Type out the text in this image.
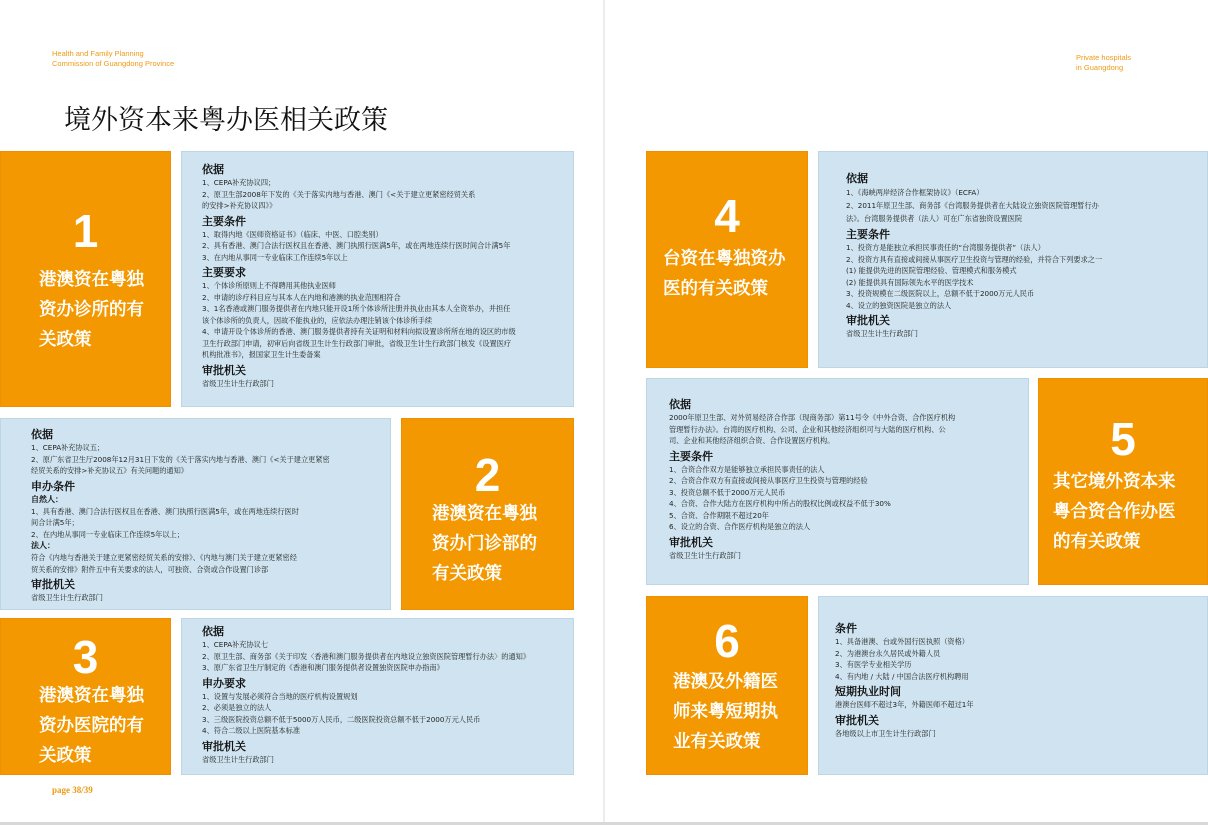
Health and Family Planning
Commission of Guangdong Province
Private hospitals
in Guangdong
境外资本来粤办医相关政策
1
港澳资在粤独
资办诊所的有
关政策
依据
1、CEPA补充协议四；
2、原卫生部2008年下发的《关于落实内地与香港、澳门《<关于建立更紧密经贸关系
的安排>补充协议四》》
主要条件
1、取得内地《医师资格证书》（临床、中医、口腔类别）
2、具有香港、澳门合法行医权且在香港、澳门执照行医满5年，或在两地连续行医时间合计满5年
3、在内地从事同一专业临床工作连续5年以上
主要要求
1、个体诊所原则上不得聘用其他执业医师
2、申请的诊疗科目应与其本人在内地和港澳的执业范围相符合
3、1名香港或澳门服务提供者在内地只能开设1所个体诊所注册并执业由其本人全资举办，并担任
该个体诊所的负责人，因故不能执业的，应依法办理注销该个体诊所手续
4、申请开设个体诊所的香港、澳门服务提供者持有关证明和材料向拟设置诊所所在地的设区的市级
卫生行政部门申请，初审后向省级卫生计生行政部门审批，省级卫生计生行政部门核发《设置医疗
机构批准书》，报国家卫生计生委备案
审批机关
省级卫生计生行政部门
依据
1、CEPA补充协议五；
2、原广东省卫生厅2008年12月31日下发的《关于落实内地与香港、澳门《<关于建立更紧密
经贸关系的安排>补充协议五》有关问题的通知》
申办条件
自然人：
1、具有香港、澳门合法行医权且在香港、澳门执照行医满5年，或在两地连续行医时
间合计满5年；
2、在内地从事同一专业临床工作连续5年以上；
法人：
符合《内地与香港关于建立更紧密经贸关系的安排》、《内地与澳门关于建立更紧密经
贸关系的安排》附件五中有关要求的法人，可独资、合资或合作设置门诊部
审批机关
省级卫生计生行政部门
2
港澳资在粤独
资办门诊部的
有关政策
3
港澳资在粤独
资办医院的有
关政策
依据
1、CEPA补充协议七
2、原卫生部、商务部《关于印发〈香港和澳门服务提供者在内地设立独资医院管理暂行办法〉的通知》
3、原广东省卫生厅制定的《香港和澳门服务提供者设置独资医院申办指南》
申办要求
1、设置与发展必须符合当地的医疗机构设置规划
2、必须是独立的法人
3、三级医院投资总额不低于5000万人民币，二级医院投资总额不低于2000万元人民币
4、符合二级以上医院基本标准
审批机关
省级卫生计生行政部门
4
台资在粤独资办
医的有关政策
依据
1、《海峡两岸经济合作框架协议》（ECFA）
2、2011年原卫生部、商务部《台湾服务提供者在大陆设立独资医院管理暂行办
法》。台湾服务提供者（法人）可在广东省独资设置医院
主要条件
1、投资方是能独立承担民事责任的“台湾服务提供者”（法人）
2、投资方具有直接或间接从事医疗卫生投资与管理的经验，并符合下列要求之一
(1) 能提供先进的医院管理经验、管理模式和服务模式
(2) 能提供具有国际领先水平的医学技术
3、投资规模在二级医院以上，总额不低于2000万元人民币
4、设立的独资医院是独立的法人
审批机关
省级卫生计生行政部门
依据
2000年原卫生部、对外贸易经济合作部（现商务部）第11号令《中外合资、合作医疗机构
管理暂行办法》。台湾的医疗机构、公司、企业和其他经济组织可与大陆的医疗机构、公
司、企业和其他经济组织合资、合作设置医疗机构。
主要条件
1、合资合作双方是能够独立承担民事责任的法人
2、合资合作双方有直接或间接从事医疗卫生投资与管理的经验
3、投资总额不低于2000万元人民币
4、合资、合作大陆方在医疗机构中所占的股权比例或权益不低于30%
5、合资、合作期限不超过20年
6、设立的合资、合作医疗机构是独立的法人
审批机关
省级卫生计生行政部门
5
其它境外资本来
粤合资合作办医
的有关政策
6
港澳及外籍医
师来粤短期执
业有关政策
条件
1、具备港澳、台或外国行医执照（资格）
2、为港澳台永久居民或外籍人员
3、有医学专业相关学历
4、有内地 / 大陆 / 中国合法医疗机构聘用
短期执业时间
港澳台医师不超过3年，外籍医师不超过1年
审批机关
各地级以上市卫生计生行政部门
page 38/39
